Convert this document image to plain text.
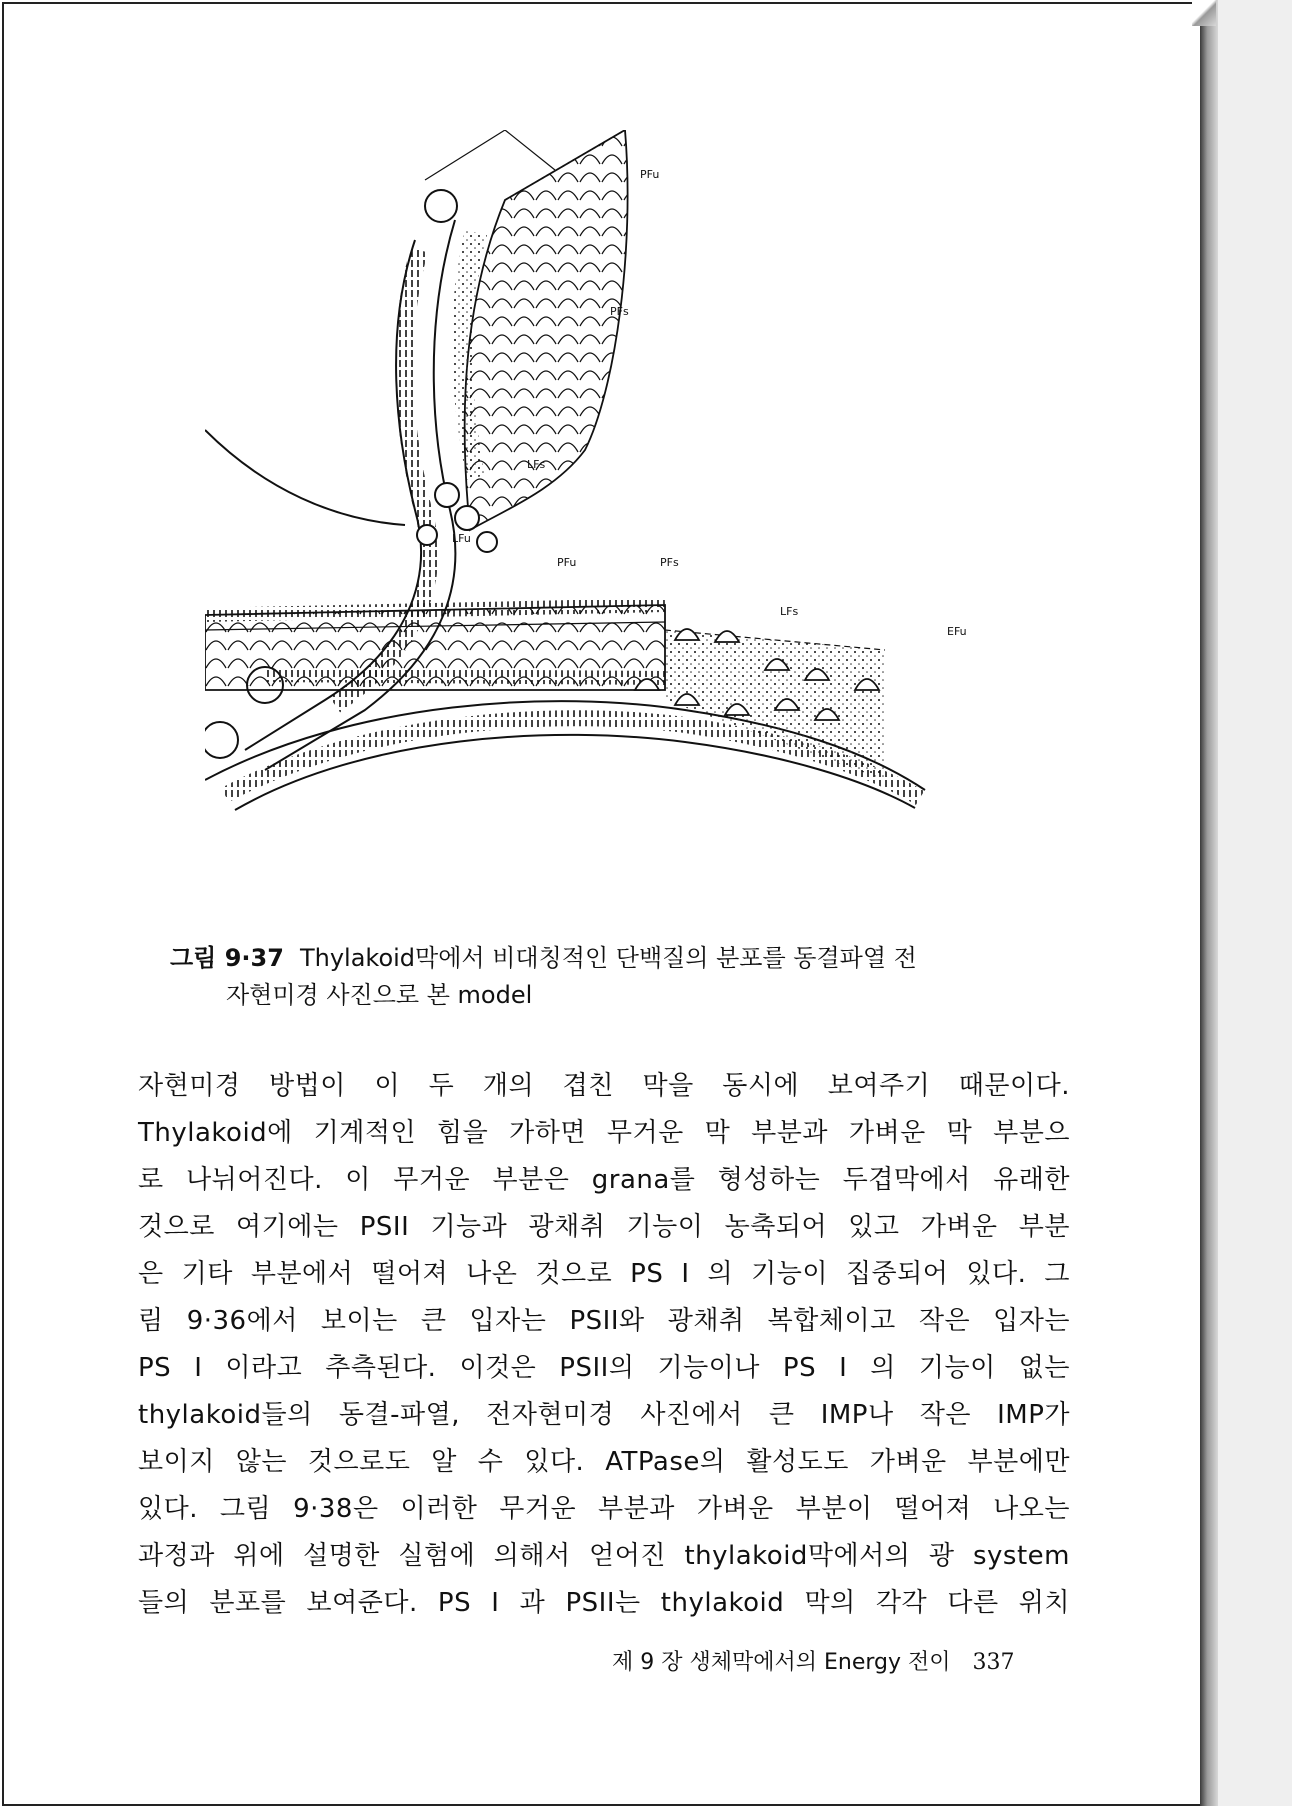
PFu
PFs
LFs
LFu
PFu	PFs
LFs
EFu
그림 9·37 Thylakoid막에서 비대칭적인 단백질의 분포를 동결파열 전
자현미경 사진으로 본 model
자현미경 방법이 이 두 개의 겹친 막을 동시에 보여주기 때문이다.
Thylakoid에 기계적인 힘을 가하면 무거운 막 부분과 가벼운 막 부분으
로 나뉘어진다. 이 무거운 부분은 grana를 형성하는 두겹막에서 유래한
것으로 여기에는 PSII 기능과 광채취 기능이 농축되어 있고 가벼운 부분
은 기타 부분에서 떨어져 나온 것으로 PS I 의 기능이 집중되어 있다. 그
림 9·36에서 보이는 큰 입자는 PSII와 광채취 복합체이고 작은 입자는
PS I 이라고 추측된다. 이것은 PSII의 기능이나 PS I 의 기능이 없는
thylakoid들의 동결-파열, 전자현미경 사진에서 큰 IMP나 작은 IMP가
보이지 않는 것으로도 알 수 있다. ATPase의 활성도도 가벼운 부분에만
있다. 그림 9·38은 이러한 무거운 부분과 가벼운 부분이 떨어져 나오는
과정과 위에 설명한 실험에 의해서 얻어진 thylakoid막에서의 광 system
들의 분포를 보여준다. PS I 과 PSII는 thylakoid 막의 각각 다른 위치
제 9 장 생체막에서의 Energy 전이 337
